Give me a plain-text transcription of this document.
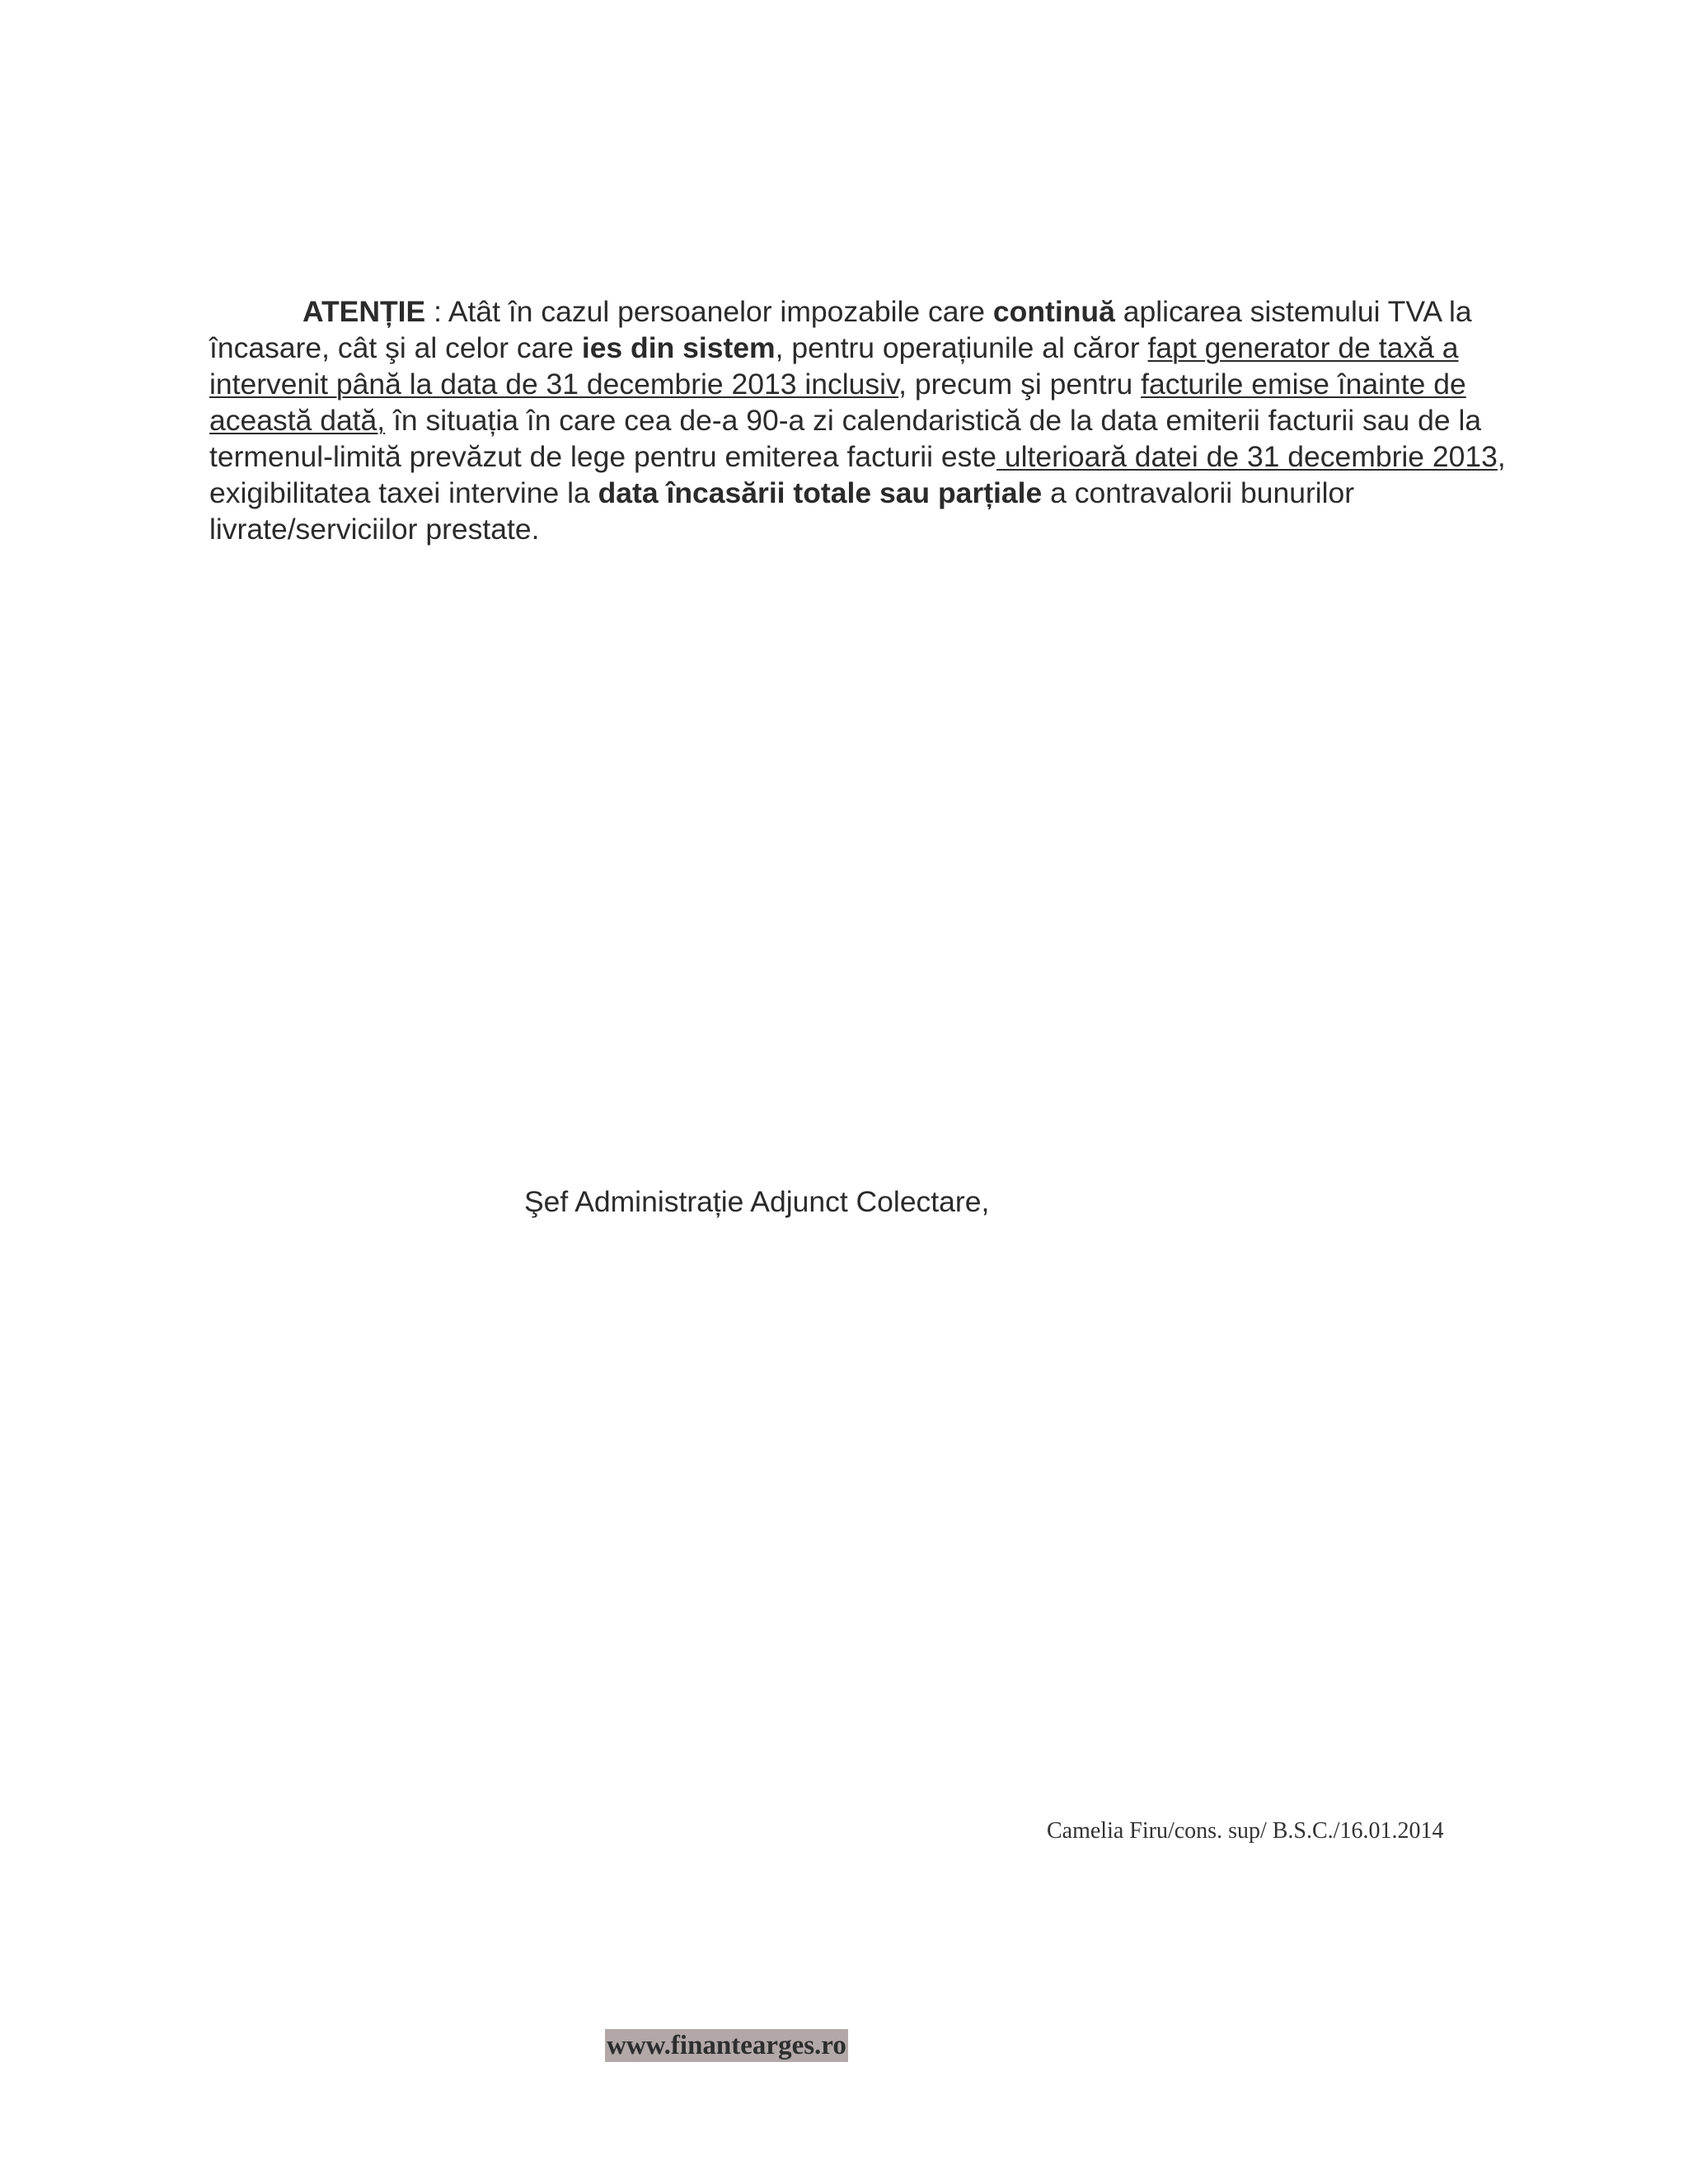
ATENȚIE : Atât în cazul persoanelor impozabile care continuă aplicarea sistemului TVA la încasare, cât şi al celor care ies din sistem, pentru operațiunile al căror fapt generator de taxă a intervenit până la data de 31 decembrie 2013 inclusiv, precum şi pentru facturile emise înainte de această dată, în situația în care cea de-a 90-a zi calendaristică de la data emiterii facturii sau de la termenul-limită prevăzut de lege pentru emiterea facturii este ulterioară datei de 31 decembrie 2013, exigibilitatea taxei intervine la data încasării totale sau parțiale a contravalorii bunurilor livrate/serviciilor prestate.

Şef Administrație Adjunct Colectare,
Camelia Firu/cons. sup/ B.S.C./16.01.2014
www.finantearges.ro
